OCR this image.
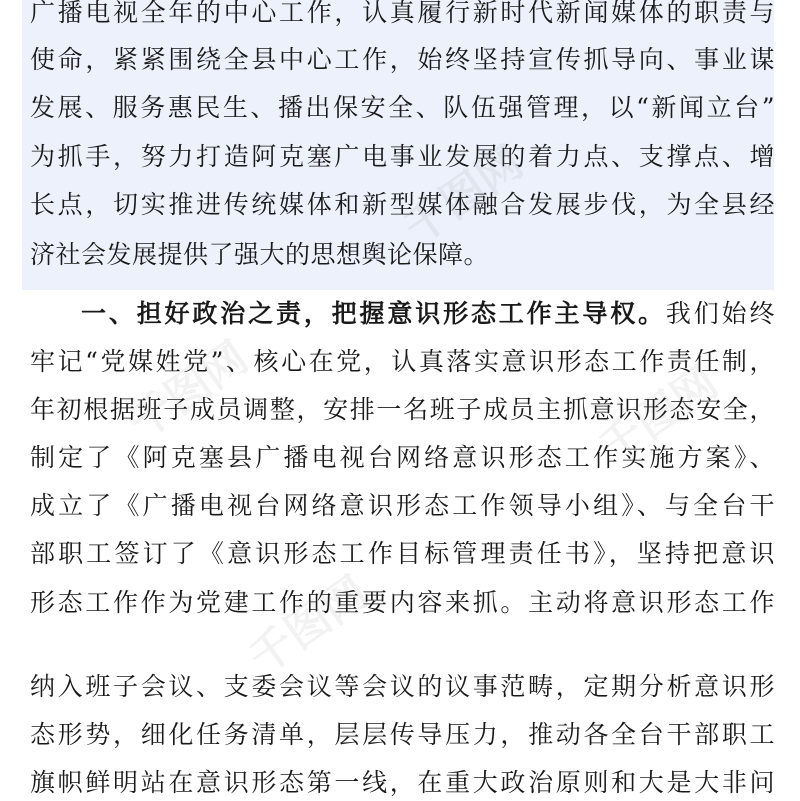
广播电视全年的中心工作，认真履行新时代新闻媒体的职责与
使命，紧紧围绕全县中心工作，始终坚持宣传抓导向、事业谋
发展、服务惠民生、播出保安全、队伍强管理，以“新闻立台”
为抓手，努力打造阿克塞广电事业发展的着力点、支撑点、增
长点，切实推进传统媒体和新型媒体融合发展步伐，为全县经
济社会发展提供了强大的思想舆论保障。
一、担好政治之责，把握意识形态工作主导权。我们始终
牢记“党媒姓党”、核心在党，认真落实意识形态工作责任制，
年初根据班子成员调整，安排一名班子成员主抓意识形态安全，
制定了《阿克塞县广播电视台网络意识形态工作实施方案》、
成立了《广播电视台网络意识形态工作领导小组》、与全台干
部职工签订了《意识形态工作目标管理责任书》，坚持把意识
形态工作作为党建工作的重要内容来抓。主动将意识形态工作
纳入班子会议、支委会议等会议的议事范畴，定期分析意识形
态形势，细化任务清单，层层传导压力，推动各全台干部职工
旗帜鲜明站在意识形态第一线，在重大政治原则和大是大非问
千图网
千图网
千图网
